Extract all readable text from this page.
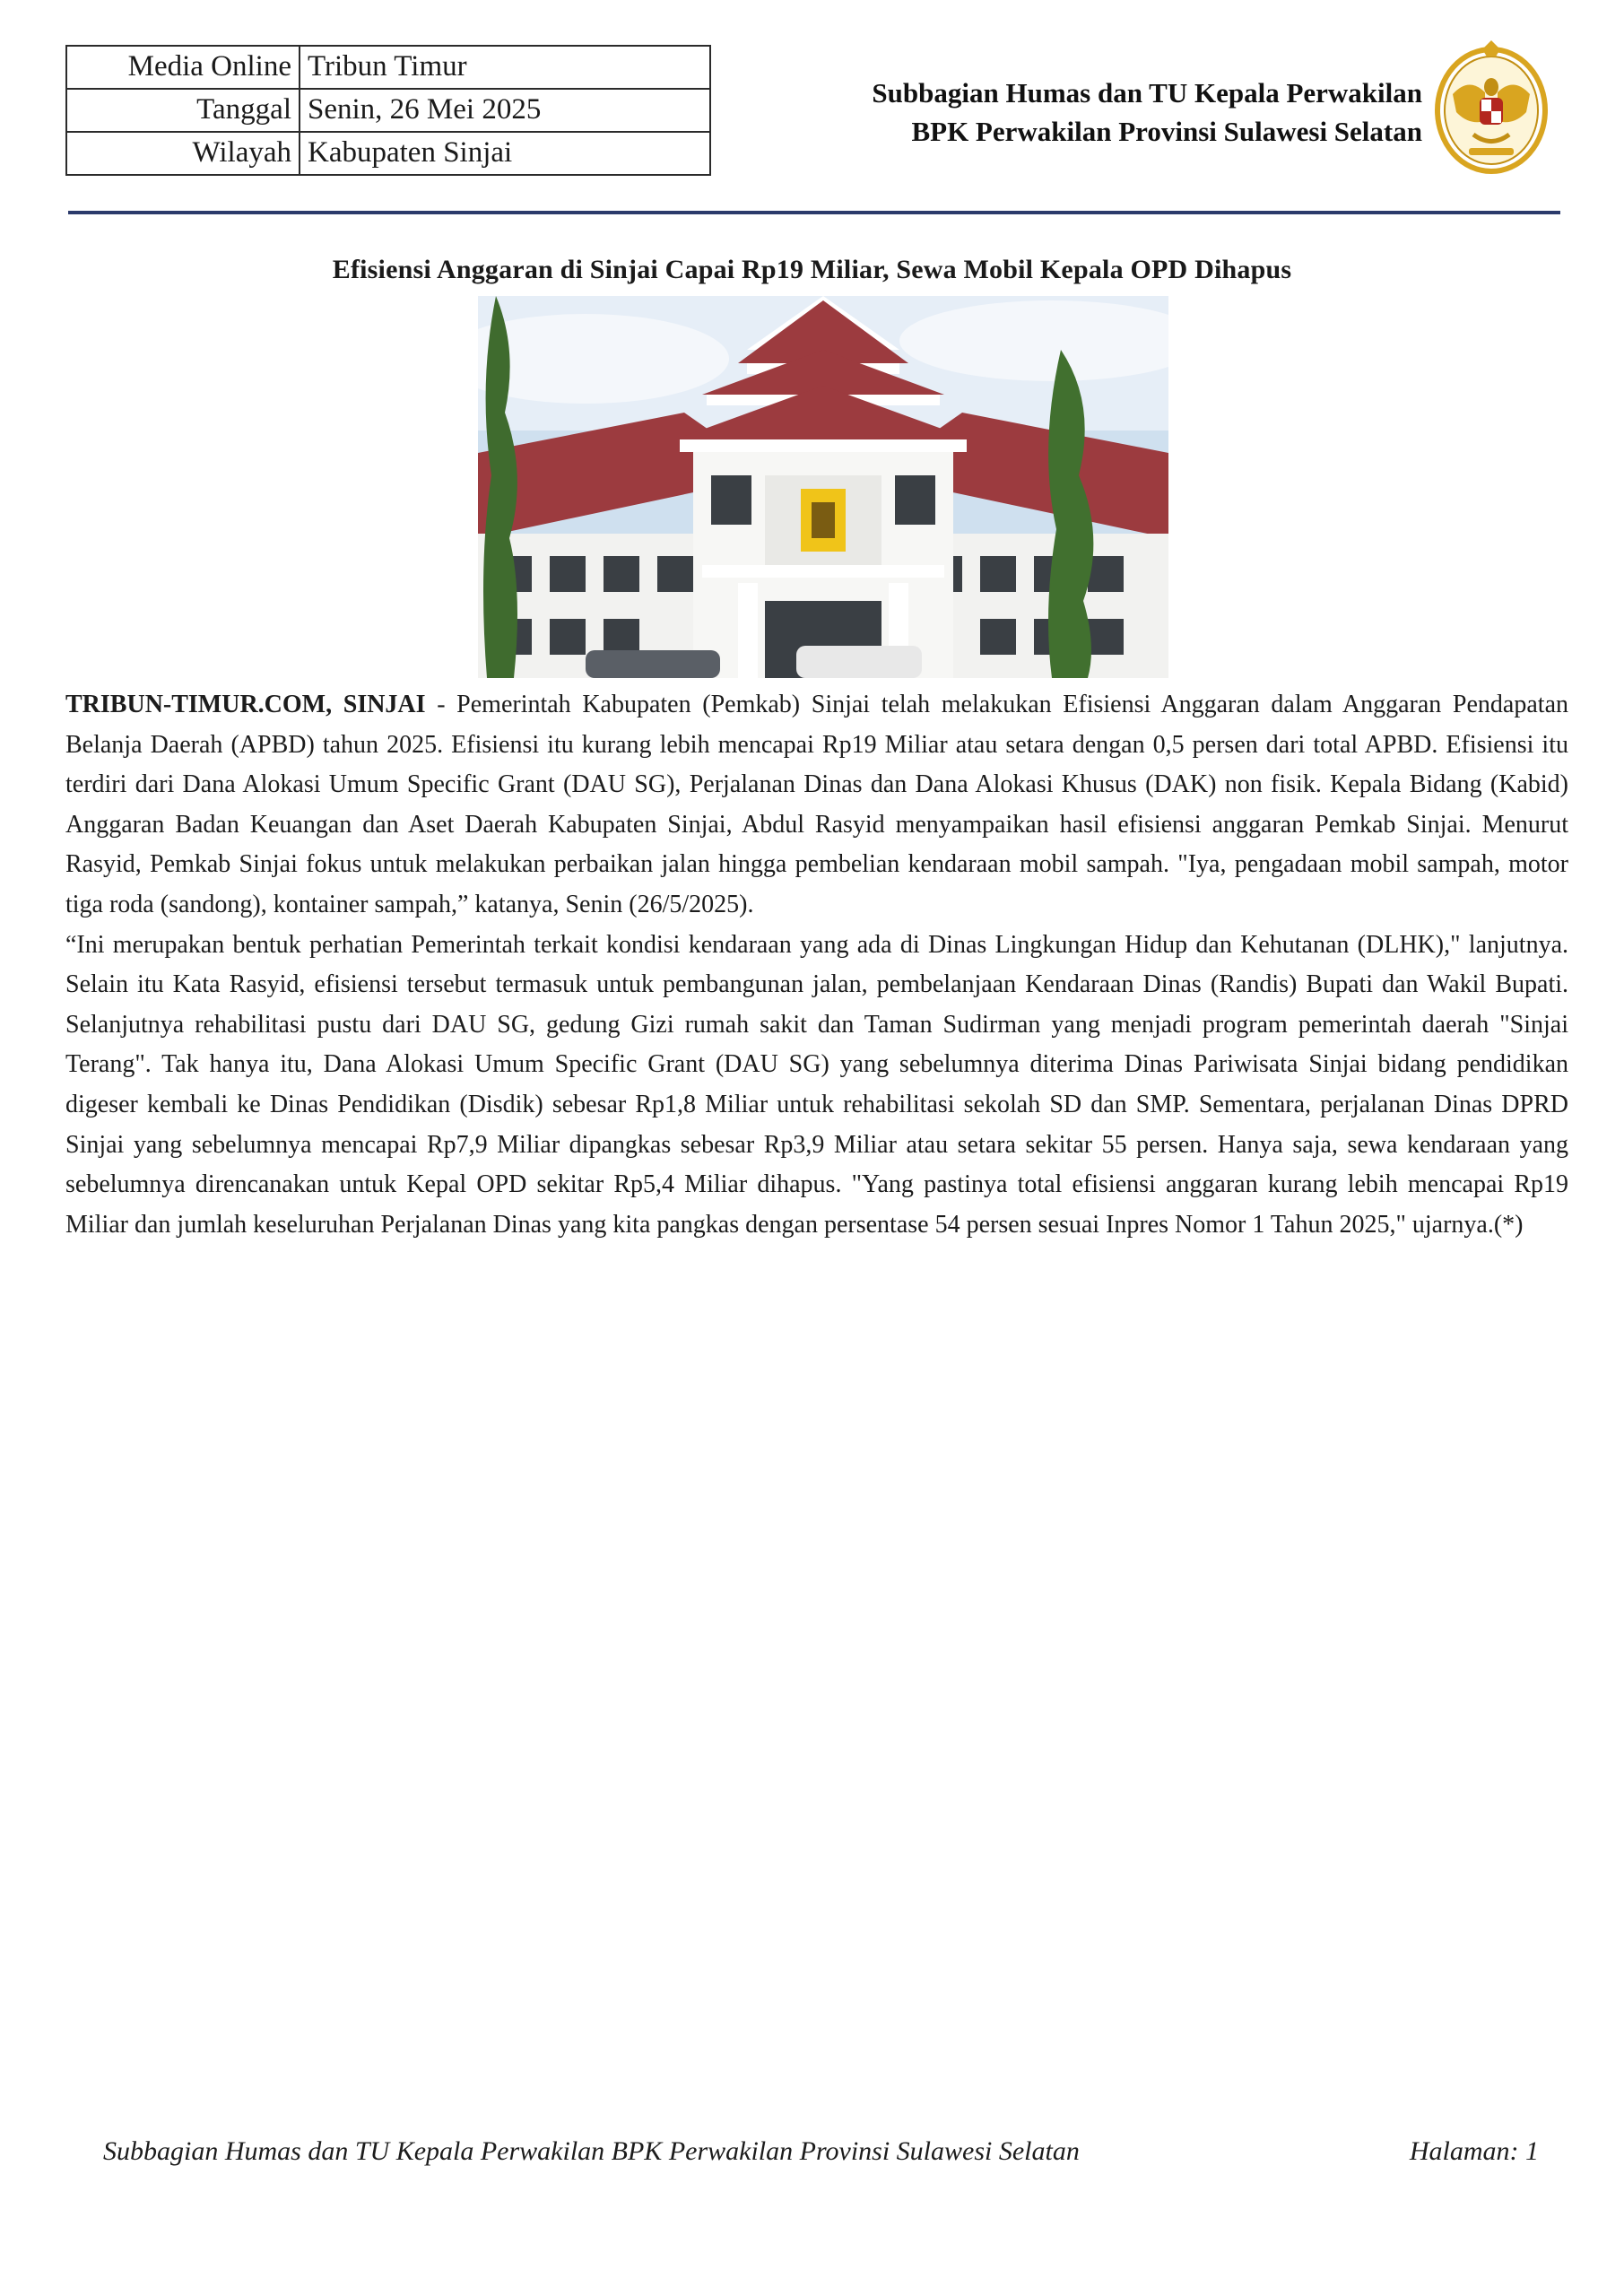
Media Online	Tribun Timur
Tanggal	Senin, 26 Mei 2025
Wilayah	Kabupaten Sinjai
Subbagian Humas dan TU Kepala Perwakilan
BPK Perwakilan Provinsi Sulawesi Selatan
Efisiensi Anggaran di Sinjai Capai Rp19 Miliar, Sewa Mobil Kepala OPD Dihapus

TRIBUN-TIMUR.COM, SINJAI - Pemerintah Kabupaten (Pemkab) Sinjai telah melakukan Efisiensi Anggaran dalam Anggaran Pendapatan Belanja Daerah (APBD) tahun 2025. Efisiensi itu kurang lebih mencapai Rp19 Miliar atau setara dengan 0,5 persen dari total APBD. Efisiensi itu terdiri dari Dana Alokasi Umum Specific Grant (DAU SG), Perjalanan Dinas dan Dana Alokasi Khusus (DAK) non fisik. Kepala Bidang (Kabid) Anggaran Badan Keuangan dan Aset Daerah Kabupaten Sinjai, Abdul Rasyid menyampaikan hasil efisiensi anggaran Pemkab Sinjai. Menurut Rasyid, Pemkab Sinjai fokus untuk melakukan perbaikan jalan hingga pembelian kendaraan mobil sampah. "Iya, pengadaan mobil sampah, motor tiga roda (sandong), kontainer sampah,” katanya, Senin (26/5/2025).

“Ini merupakan bentuk perhatian Pemerintah terkait kondisi kendaraan yang ada di Dinas Lingkungan Hidup dan Kehutanan (DLHK)," lanjutnya. Selain itu Kata Rasyid, efisiensi tersebut termasuk untuk pembangunan jalan, pembelanjaan Kendaraan Dinas (Randis) Bupati dan Wakil Bupati. Selanjutnya rehabilitasi pustu dari DAU SG, gedung Gizi rumah sakit dan Taman Sudirman yang menjadi program pemerintah daerah "Sinjai Terang". Tak hanya itu, Dana Alokasi Umum Specific Grant (DAU SG) yang sebelumnya diterima Dinas Pariwisata Sinjai bidang pendidikan digeser kembali ke Dinas Pendidikan (Disdik) sebesar Rp1,8 Miliar untuk rehabilitasi sekolah SD dan SMP. Sementara, perjalanan Dinas DPRD Sinjai yang sebelumnya mencapai Rp7,9 Miliar dipangkas sebesar Rp3,9 Miliar atau setara sekitar 55 persen. Hanya saja, sewa kendaraan yang sebelumnya direncanakan untuk Kepal OPD sekitar Rp5,4 Miliar dihapus. "Yang pastinya total efisiensi anggaran kurang lebih mencapai Rp19 Miliar dan jumlah keseluruhan Perjalanan Dinas yang kita pangkas dengan persentase 54 persen sesuai Inpres Nomor 1 Tahun 2025," ujarnya.(*)

Subbagian Humas dan TU Kepala Perwakilan BPK Perwakilan Provinsi Sulawesi Selatan	Halaman: 1
